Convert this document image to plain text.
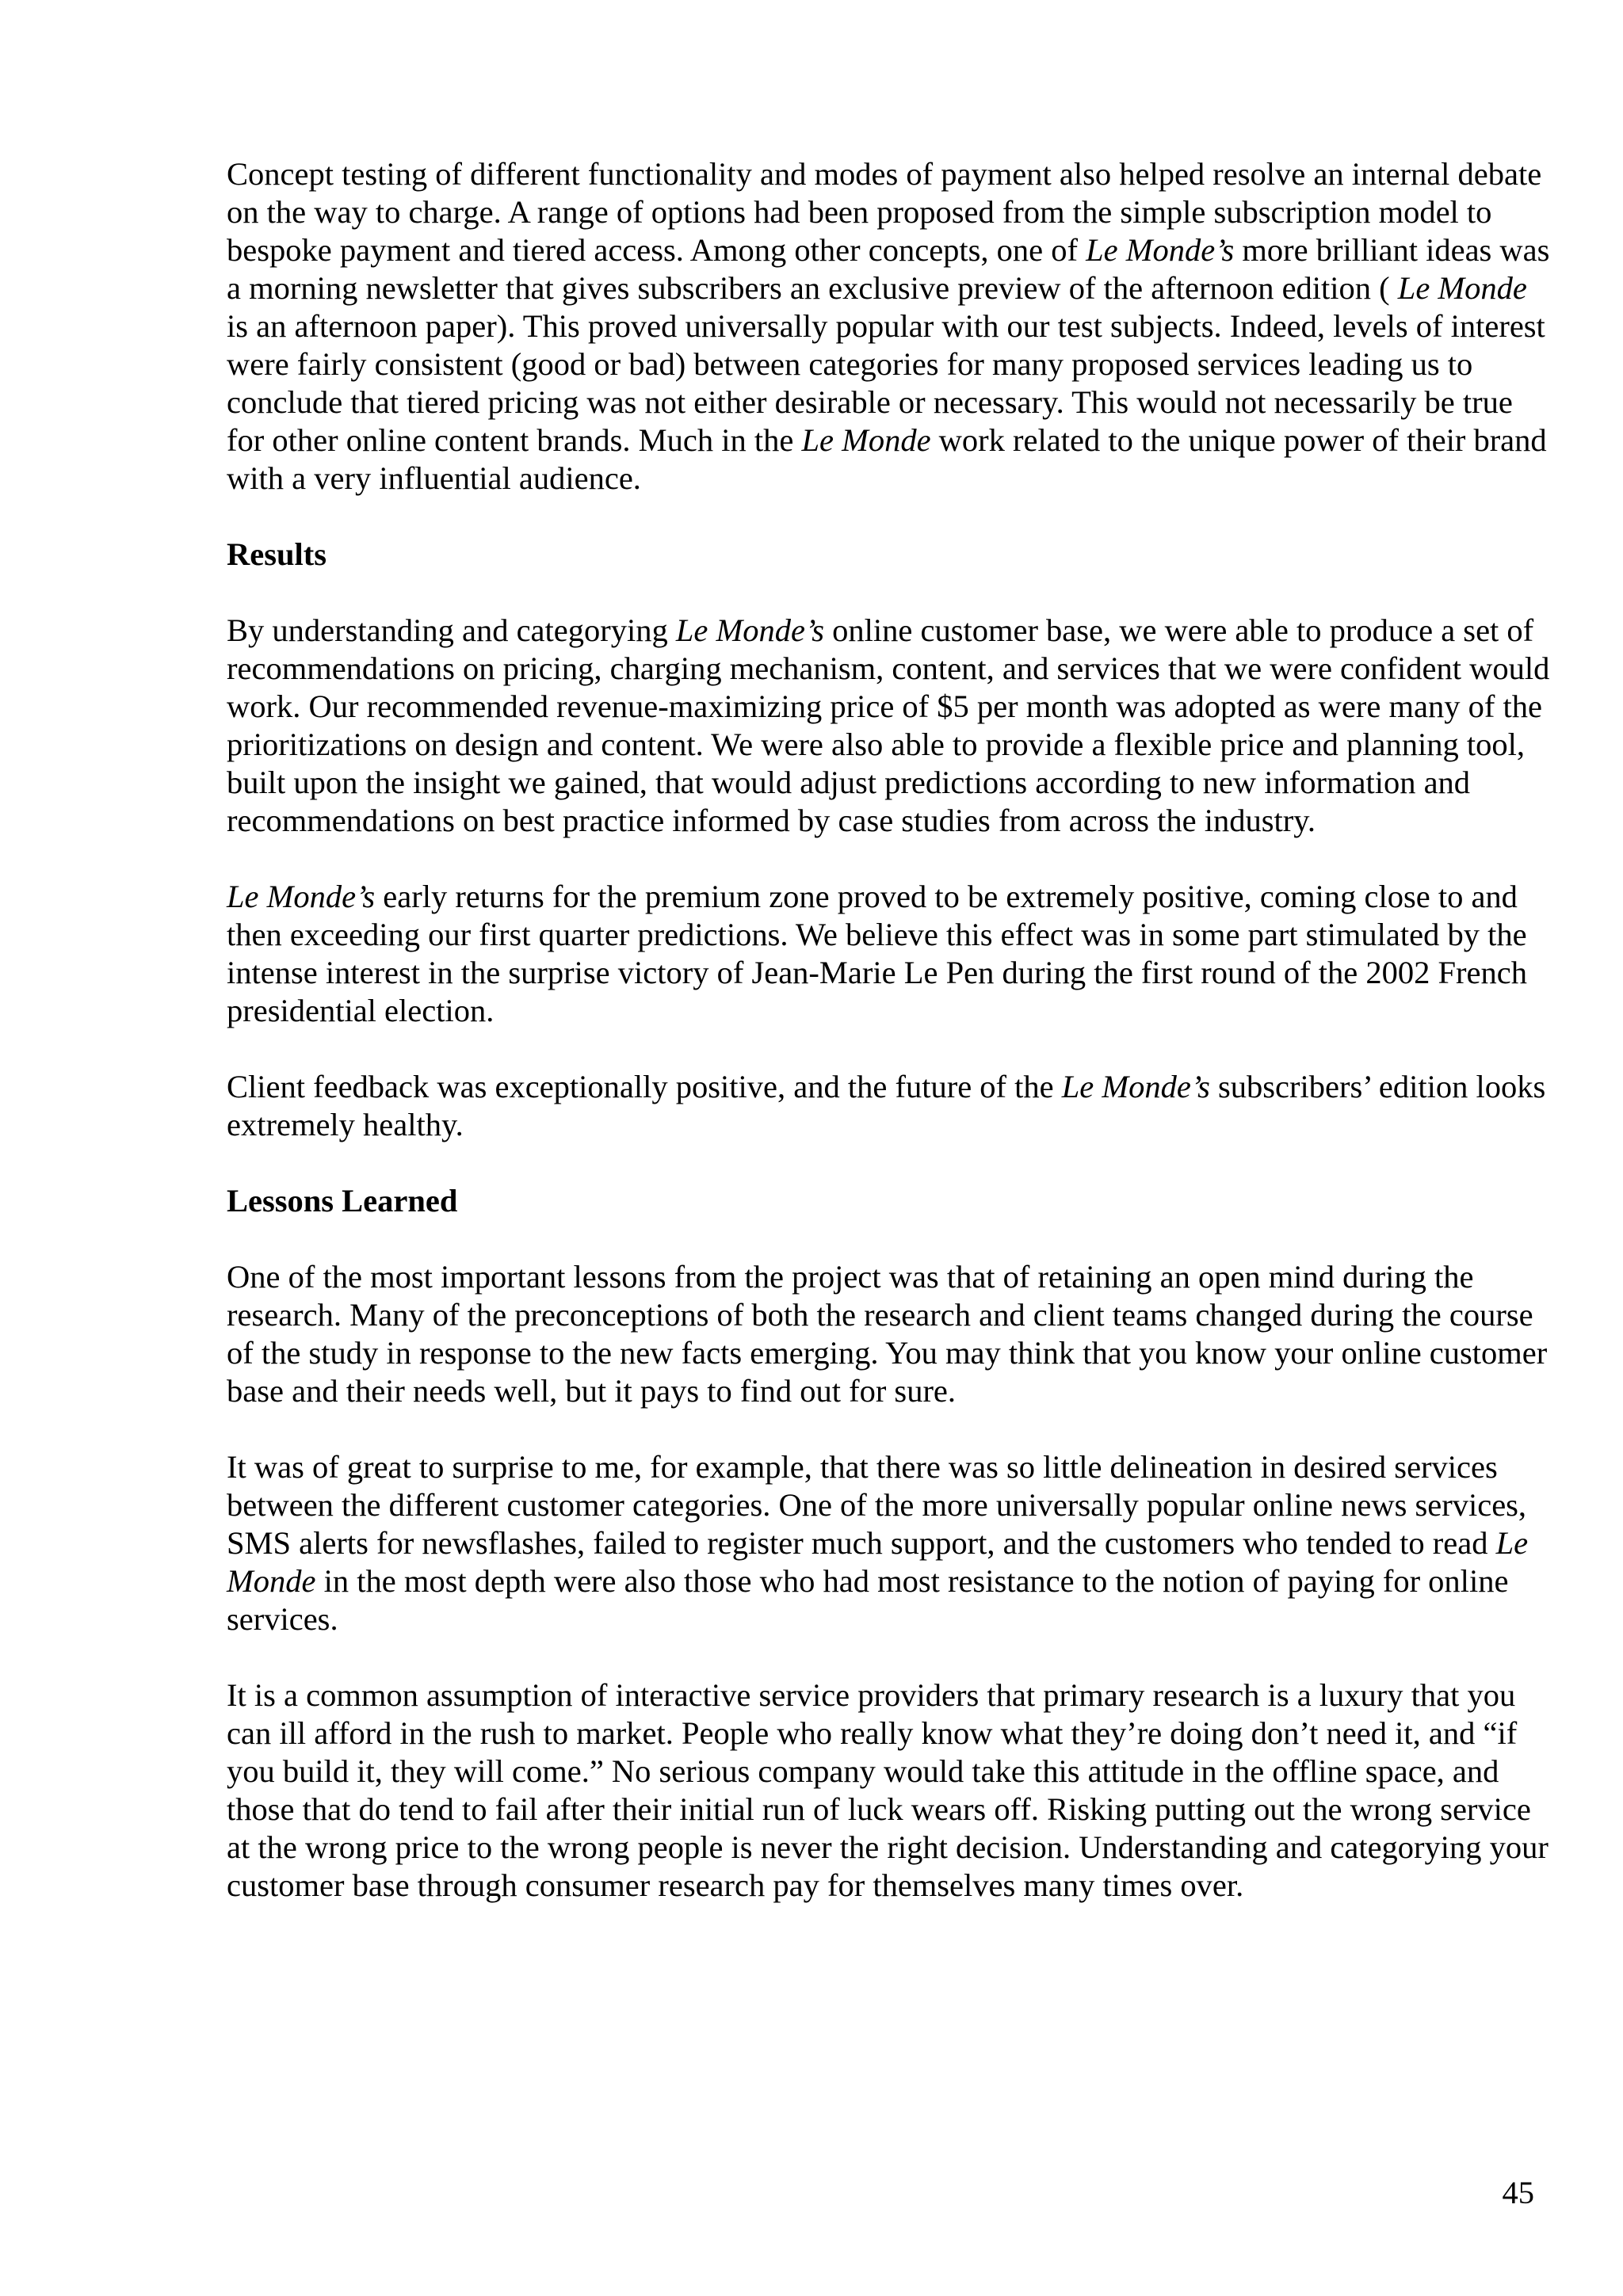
Concept testing of different functionality and modes of payment also helped resolve an internal debate on the way to charge. A range of options had been proposed from the simple subscription model to bespoke payment and tiered access. Among other concepts, one of Le Monde’s more brilliant ideas was a morning newsletter that gives subscribers an exclusive preview of the afternoon edition ( Le Monde is an afternoon paper). This proved universally popular with our test subjects. Indeed, levels of interest were fairly consistent (good or bad) between categories for many proposed services leading us to conclude that tiered pricing was not either desirable or necessary. This would not necessarily be true for other online content brands. Much in the Le Monde work related to the unique power of their brand with a very influential audience.

Results

By understanding and categorying Le Monde’s online customer base, we were able to produce a set of recommendations on pricing, charging mechanism, content, and services that we were confident would work. Our recommended revenue-maximizing price of $5 per month was adopted as were many of the prioritizations on design and content. We were also able to provide a flexible price and planning tool, built upon the insight we gained, that would adjust predictions according to new information and recommendations on best practice informed by case studies from across the industry.

Le Monde’s early returns for the premium zone proved to be extremely positive, coming close to and then exceeding our first quarter predictions. We believe this effect was in some part stimulated by the intense interest in the surprise victory of Jean-Marie Le Pen during the first round of the 2002 French presidential election.

Client feedback was exceptionally positive, and the future of the Le Monde’s subscribers’ edition looks extremely healthy.

Lessons Learned

One of the most important lessons from the project was that of retaining an open mind during the research. Many of the preconceptions of both the research and client teams changed during the course of the study in response to the new facts emerging. You may think that you know your online customer base and their needs well, but it pays to find out for sure.

It was of great to surprise to me, for example, that there was so little delineation in desired services between the different customer categories. One of the more universally popular online news services, SMS alerts for newsflashes, failed to register much support, and the customers who tended to read Le Monde in the most depth were also those who had most resistance to the notion of paying for online services.

It is a common assumption of interactive service providers that primary research is a luxury that you can ill afford in the rush to market. People who really know what they’re doing don’t need it, and “if you build it, they will come.” No serious company would take this attitude in the offline space, and those that do tend to fail after their initial run of luck wears off. Risking putting out the wrong service at the wrong price to the wrong people is never the right decision. Understanding and categorying your customer base through consumer research pay for themselves many times over.

45
